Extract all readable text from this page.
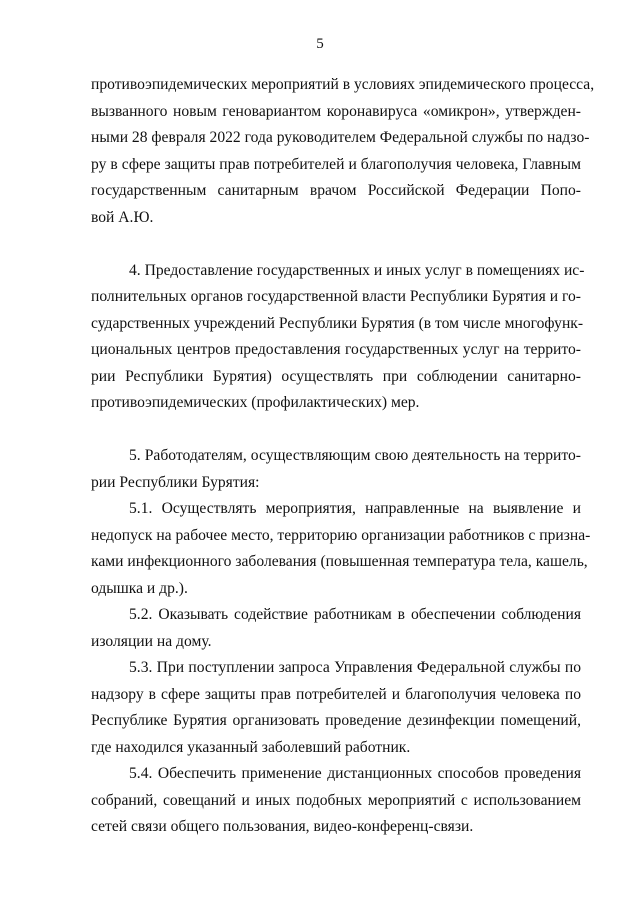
5
противоэпидемических мероприятий в условиях эпидемического процесса,
вызванного новым геновариантом коронавируса «омикрон», утвержден-
ными 28 февраля 2022 года руководителем Федеральной службы по надзо-
ру в сфере защиты прав потребителей и благополучия человека, Главным
государственным санитарным врачом Российской Федерации Попо-
вой А.Ю.
4. Предоставление государственных и иных услуг в помещениях ис-
полнительных органов государственной власти Республики Бурятия и го-
сударственных учреждений Республики Бурятия (в том числе многофунк-
циональных центров предоставления государственных услуг на террито-
рии Республики Бурятия) осуществлять при соблюдении санитарно-
противоэпидемических (профилактических) мер.
5. Работодателям, осуществляющим свою деятельность на террито-
рии Республики Бурятия:
5.1. Осуществлять мероприятия, направленные на выявление и
недопуск на рабочее место, территорию организации работников с призна-
ками инфекционного заболевания (повышенная температура тела, кашель,
одышка и др.).
5.2. Оказывать содействие работникам в обеспечении соблюдения
изоляции на дому.
5.3. При поступлении запроса Управления Федеральной службы по
надзору в сфере защиты прав потребителей и благополучия человека по
Республике Бурятия организовать проведение дезинфекции помещений,
где находился указанный заболевший работник.
5.4. Обеспечить применение дистанционных способов проведения
собраний, совещаний и иных подобных мероприятий с использованием
сетей связи общего пользования, видео-конференц-связи.
